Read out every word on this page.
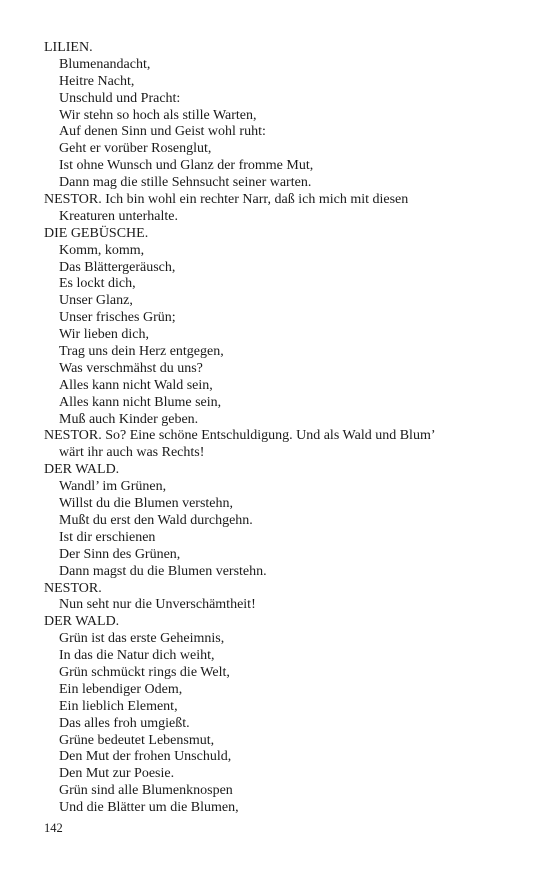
LILIEN.
Blumenandacht,
Heitre Nacht,
Unschuld und Pracht:
Wir stehn so hoch als stille Warten,
Auf denen Sinn und Geist wohl ruht:
Geht er vorüber Rosenglut,
Ist ohne Wunsch und Glanz der fromme Mut,
Dann mag die stille Sehnsucht seiner warten.
NESTOR. Ich bin wohl ein rechter Narr, daß ich mich mit diesen
Kreaturen unterhalte.
DIE GEBÜSCHE.
Komm, komm,
Das Blättergeräusch,
Es lockt dich,
Unser Glanz,
Unser frisches Grün;
Wir lieben dich,
Trag uns dein Herz entgegen,
Was verschmähst du uns?
Alles kann nicht Wald sein,
Alles kann nicht Blume sein,
Muß auch Kinder geben.
NESTOR. So? Eine schöne Entschuldigung. Und als Wald und Blum’
wärt ihr auch was Rechts!
DER WALD.
Wandl’ im Grünen,
Willst du die Blumen verstehn,
Mußt du erst den Wald durchgehn.
Ist dir erschienen
Der Sinn des Grünen,
Dann magst du die Blumen verstehn.
NESTOR.
Nun seht nur die Unverschämtheit!
DER WALD.
Grün ist das erste Geheimnis,
In das die Natur dich weiht,
Grün schmückt rings die Welt,
Ein lebendiger Odem,
Ein lieblich Element,
Das alles froh umgießt.
Grüne bedeutet Lebensmut,
Den Mut der frohen Unschuld,
Den Mut zur Poesie.
Grün sind alle Blumenknospen
Und die Blätter um die Blumen,
142
